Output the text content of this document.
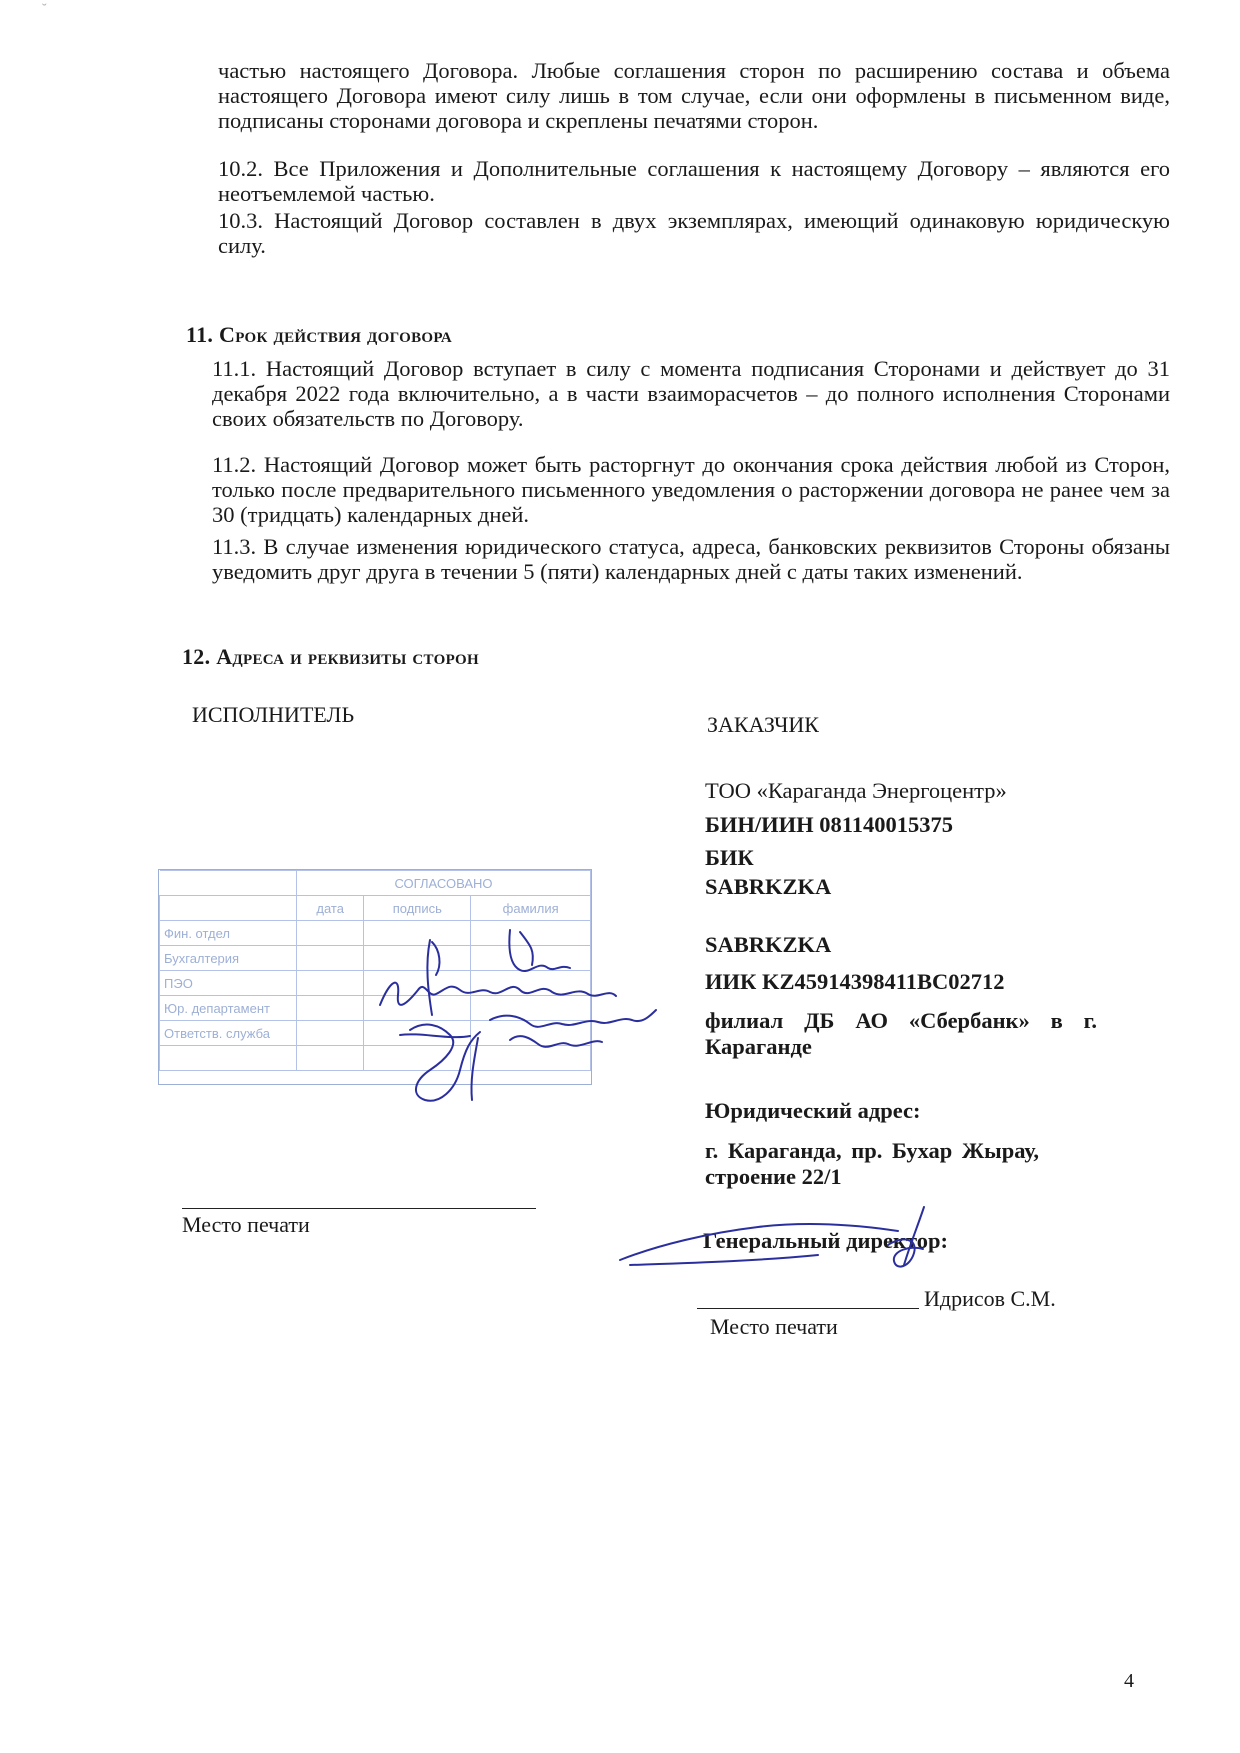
˘
частью настоящего Договора. Любые соглашения сторон по расширению состава и объема настоящего Договора имеют силу лишь в том случае, если они оформлены в письменном виде, подписаны сторонами договора и скреплены печатями сторон.
10.2. Все Приложения и Дополнительные соглашения к настоящему Договору – являются его неотъемлемой частью.
10.3. Настоящий Договор составлен в двух экземплярах, имеющий одинаковую юридическую силу.
11. Срок действия договора
11.1. Настоящий Договор вступает в силу с момента подписания Сторонами и действует до 31 декабря 2022 года включительно, а в части взаиморасчетов – до полного исполнения Сторонами своих обязательств по Договору.
11.2. Настоящий Договор может быть расторгнут до окончания срока действия любой из Сторон, только после предварительного письменного уведомления о расторжении договора не ранее чем за 30 (тридцать) календарных дней.
11.3. В случае изменения юридического статуса, адреса, банковских реквизитов Стороны обязаны уведомить друг друга в течении 5 (пяти) календарных дней с даты таких изменений.
12. Адреса и реквизиты сторон
ИСПОЛНИТЕЛЬ
	СОГЛАСОВАНО		
	дата	подпись	фамилия
Фин. отдел			
Бухгалтерия			
ПЭО			
Юр. департамент			
Ответств. служба			

Место печати
ЗАКАЗЧИК
ТОО «Караганда Энергоцентр»
БИН/ИИН 081140015375
БИК
SABRKZKA
SABRKZKA
ИИК KZ45914398411BC02712
филиал ДБ АО «Сбербанк» в г.
Караганде
Юридический адрес:
г. Караганда, пр. Бухар Жырау,
строение 22/1
Генеральный директор:
Идрисов С.М.
Место печати
4
